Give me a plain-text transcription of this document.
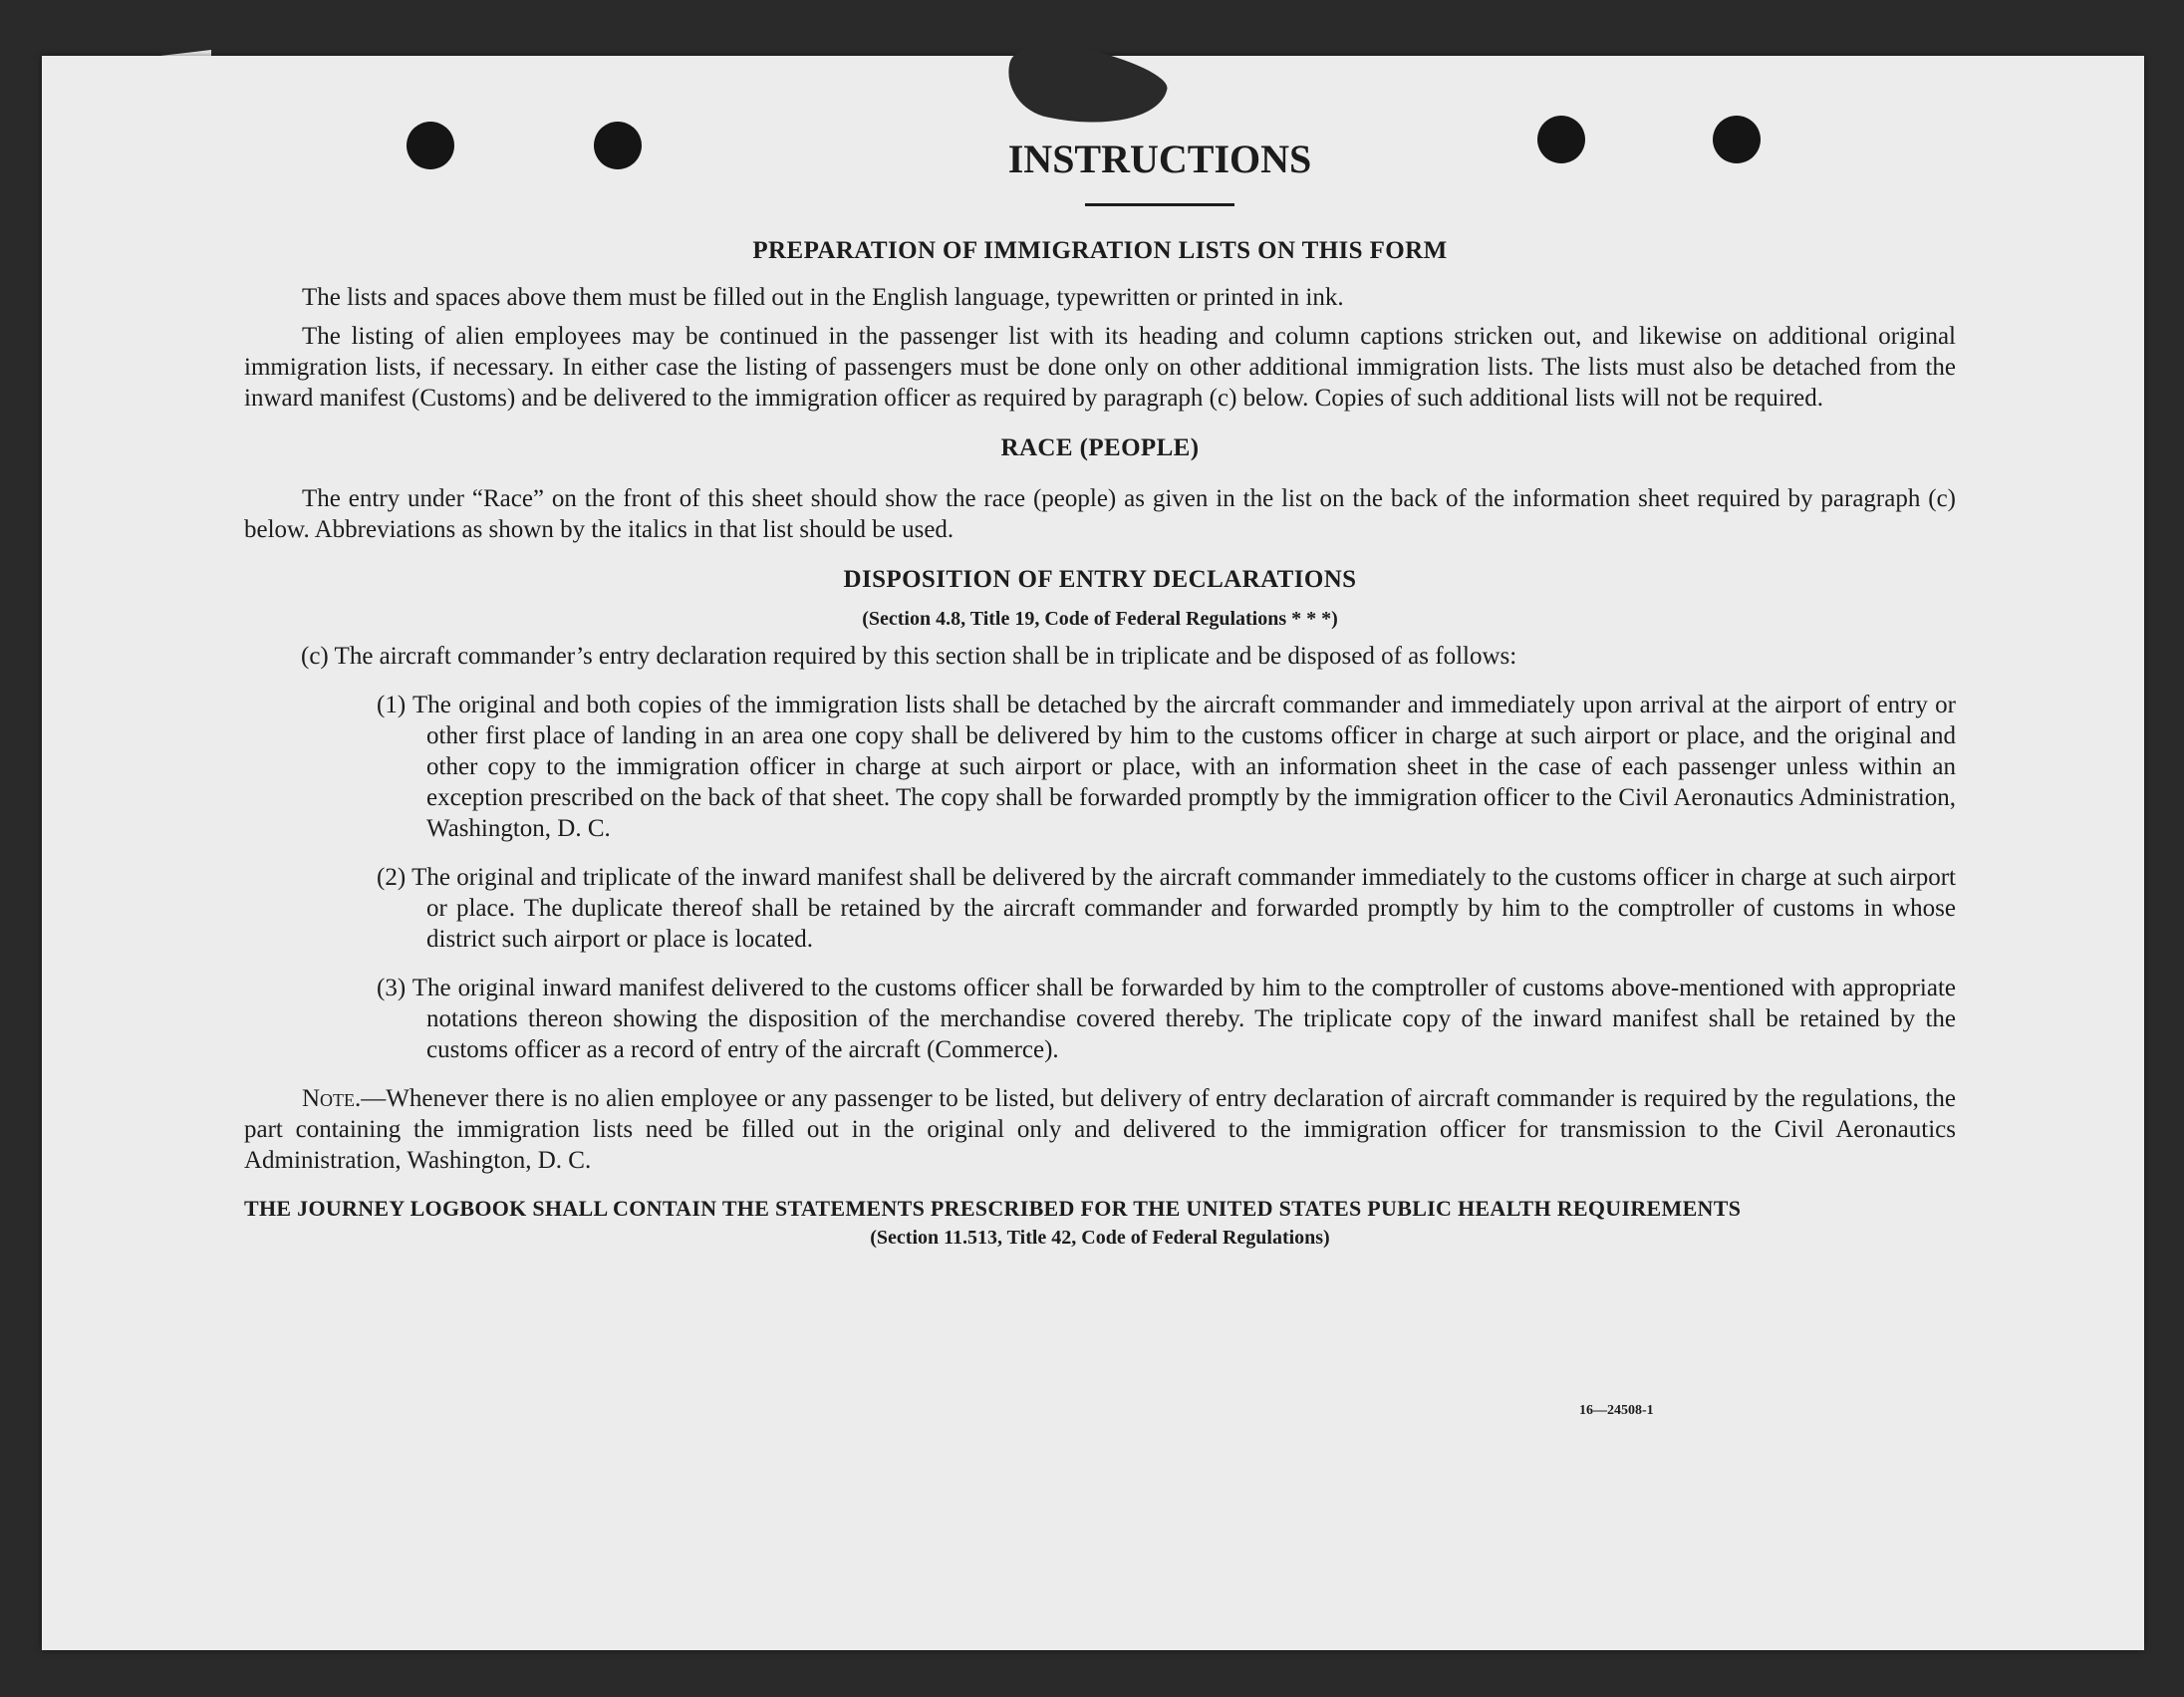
INSTRUCTIONS
PREPARATION OF IMMIGRATION LISTS ON THIS FORM

The lists and spaces above them must be filled out in the English language, typewritten or printed in ink.

The listing of alien employees may be continued in the passenger list with its heading and column captions stricken out, and likewise on additional original immigration lists, if necessary. In either case the listing of passengers must be done only on other additional immigration lists. The lists must also be detached from the inward manifest (Customs) and be delivered to the immigration officer as required by paragraph (c) below. Copies of such additional lists will not be required.

RACE (PEOPLE)

The entry under “Race” on the front of this sheet should show the race (people) as given in the list on the back of the information sheet required by paragraph (c) below. Abbreviations as shown by the italics in that list should be used.

DISPOSITION OF ENTRY DECLARATIONS
(Section 4.8, Title 19, Code of Federal Regulations * * *)

(c) The aircraft commander’s entry declaration required by this section shall be in triplicate and be disposed of as follows:

(1) The original and both copies of the immigration lists shall be detached by the aircraft commander and immediately upon arrival at the airport of entry or other first place of landing in an area one copy shall be delivered by him to the customs officer in charge at such airport or place, and the original and other copy to the immigration officer in charge at such airport or place, with an information sheet in the case of each passenger unless within an exception prescribed on the back of that sheet. The copy shall be forwarded promptly by the immigration officer to the Civil Aeronautics Administration, Washington, D. C.

(2) The original and triplicate of the inward manifest shall be delivered by the aircraft commander immediately to the customs officer in charge at such airport or place. The duplicate thereof shall be retained by the aircraft commander and forwarded promptly by him to the comptroller of customs in whose district such airport or place is located.

(3) The original inward manifest delivered to the customs officer shall be forwarded by him to the comptroller of customs above-mentioned with appropriate notations thereon showing the disposition of the merchandise covered thereby. The triplicate copy of the inward manifest shall be retained by the customs officer as a record of entry of the aircraft (Commerce).

Note.—Whenever there is no alien employee or any passenger to be listed, but delivery of entry declaration of aircraft commander is required by the regulations, the part containing the immigration lists need be filled out in the original only and delivered to the immigration officer for transmission to the Civil Aeronautics Administration, Washington, D. C.

THE JOURNEY LOGBOOK SHALL CONTAIN THE STATEMENTS PRESCRIBED FOR THE UNITED STATES PUBLIC HEALTH REQUIREMENTS
(Section 11.513, Title 42, Code of Federal Regulations)
16—24508-1
